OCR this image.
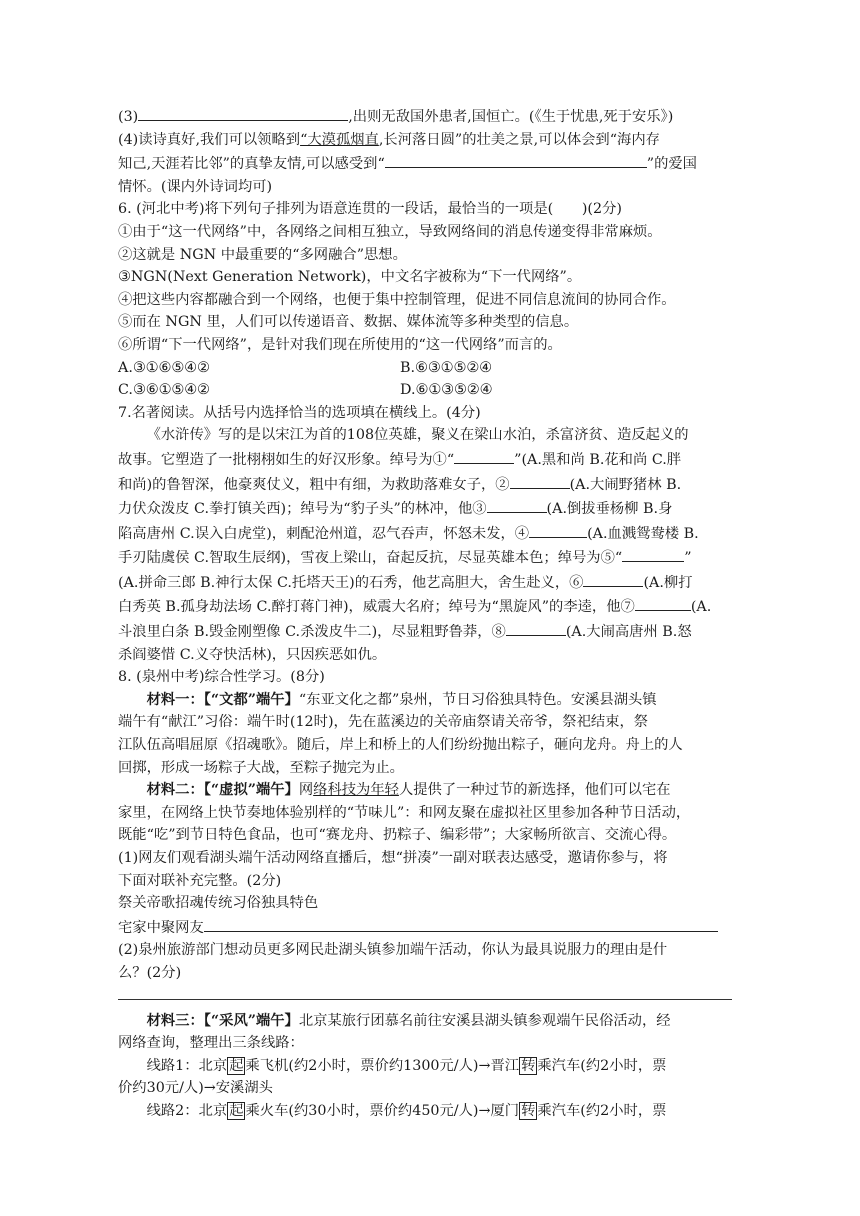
(3)	,出则无敌国外患者,国恒亡。(《生于忧患,死于安乐》)

(4)读诗真好,我们可以领略到“大漠孤烟直,长河落日圆”的壮美之景,可以体会到“海内存

知己,天涯若比邻”的真挚友情,可以感受到“	”的爱国

情怀。(课内外诗词均可)

6. (河北中考)将下列句子排列为语意连贯的一段话，最恰当的一项是(　　)(2分)

①由于“这一代网络”中，各网络之间相互独立，导致网络间的消息传递变得非常麻烦。

②这就是 NGN 中最重要的“多网融合”思想。

③NGN(Next Generation Network)，中文名字被称为“下一代网络”。

④把这些内容都融合到一个网络，也便于集中控制管理，促进不同信息流间的协同合作。

⑤而在 NGN 里，人们可以传递语音、数据、媒体流等多种类型的信息。

⑥所谓“下一代网络”，是针对我们现在所使用的“这一代网络”而言的。

A.③①⑥⑤④②	B.⑥③①⑤②④
C.③⑥①⑤④②	D.⑥①③⑤②④

7.名著阅读。从括号内选择恰当的选项填在横线上。(4分)

《水浒传》写的是以宋江为首的108位英雄，聚义在梁山水泊，杀富济贫、造反起义的

故事。它塑造了一批栩栩如生的好汉形象。绰号为①“	”(A.黑和尚 B.花和尚 C.胖

和尚)的鲁智深，他豪爽仗义，粗中有细，为救助落难女子，②	(A.大闹野猪林 B.

力伏众泼皮 C.拳打镇关西)；绰号为“豹子头”的林冲，他③	(A.倒拔垂杨柳 B.身

陷高唐州 C.误入白虎堂)，刺配沧州道，忍气吞声，怀怒未发，④	(A.血溅鸳鸯楼 B.

手刃陆虞侯 C.智取生辰纲)，雪夜上梁山，奋起反抗，尽显英雄本色；绰号为⑤“	”

(A.拼命三郎 B.神行太保 C.托塔天王)的石秀，他艺高胆大，舍生赴义，⑥	(A.柳打

白秀英 B.孤身劫法场 C.醉打蒋门神)，威震大名府；绰号为“黑旋风”的李逵，他⑦	(A.

斗浪里白条 B.毁金刚塑像 C.杀泼皮牛二)，尽显粗野鲁莽，⑧	(A.大闹高唐州 B.怒

杀阎婆惜 C.义夺快活林)，只因疾恶如仇。

8. (泉州中考)综合性学习。(8分)

材料一：【“文都”端午】“东亚文化之都”泉州，节日习俗独具特色。安溪县湖头镇

端午有“献江”习俗：端午时(12时)，先在蓝溪边的关帝庙祭请关帝爷，祭祀结束，祭

江队伍高唱屈原《招魂歌》。随后，岸上和桥上的人们纷纷抛出粽子，砸向龙舟。舟上的人

回掷，形成一场粽子大战，至粽子抛完为止。

材料二：【“虚拟”端午】网络科技为年轻人提供了一种过节的新选择，他们可以宅在

家里，在网络上快节奏地体验别样的“节味儿”：和网友聚在虚拟社区里参加各种节日活动，

既能“吃”到节日特色食品，也可“赛龙舟、扔粽子、编彩带”；大家畅所欲言、交流心得。

(1)网友们观看湖头端午活动网络直播后，想“拼凑”一副对联表达感受，邀请你参与，将

下面对联补充完整。(2分)

祭关帝歌招魂传统习俗独具特色

宅家中聚网友

(2)泉州旅游部门想动员更多网民赴湖头镇参加端午活动，你认为最具说服力的理由是什

么？(2分)

材料三：【“采风”端午】北京某旅行团慕名前往安溪县湖头镇参观端午民俗活动，经

网络查询，整理出三条线路：

线路1：北京 起 乘飞机(约2小时，票价约1300元/人)→晋江 转 乘汽车(约2小时，票

价约30元/人)→安溪湖头

线路2：北京 起 乘火车(约30小时，票价约450元/人)→厦门 转 乘汽车(约2小时，票
